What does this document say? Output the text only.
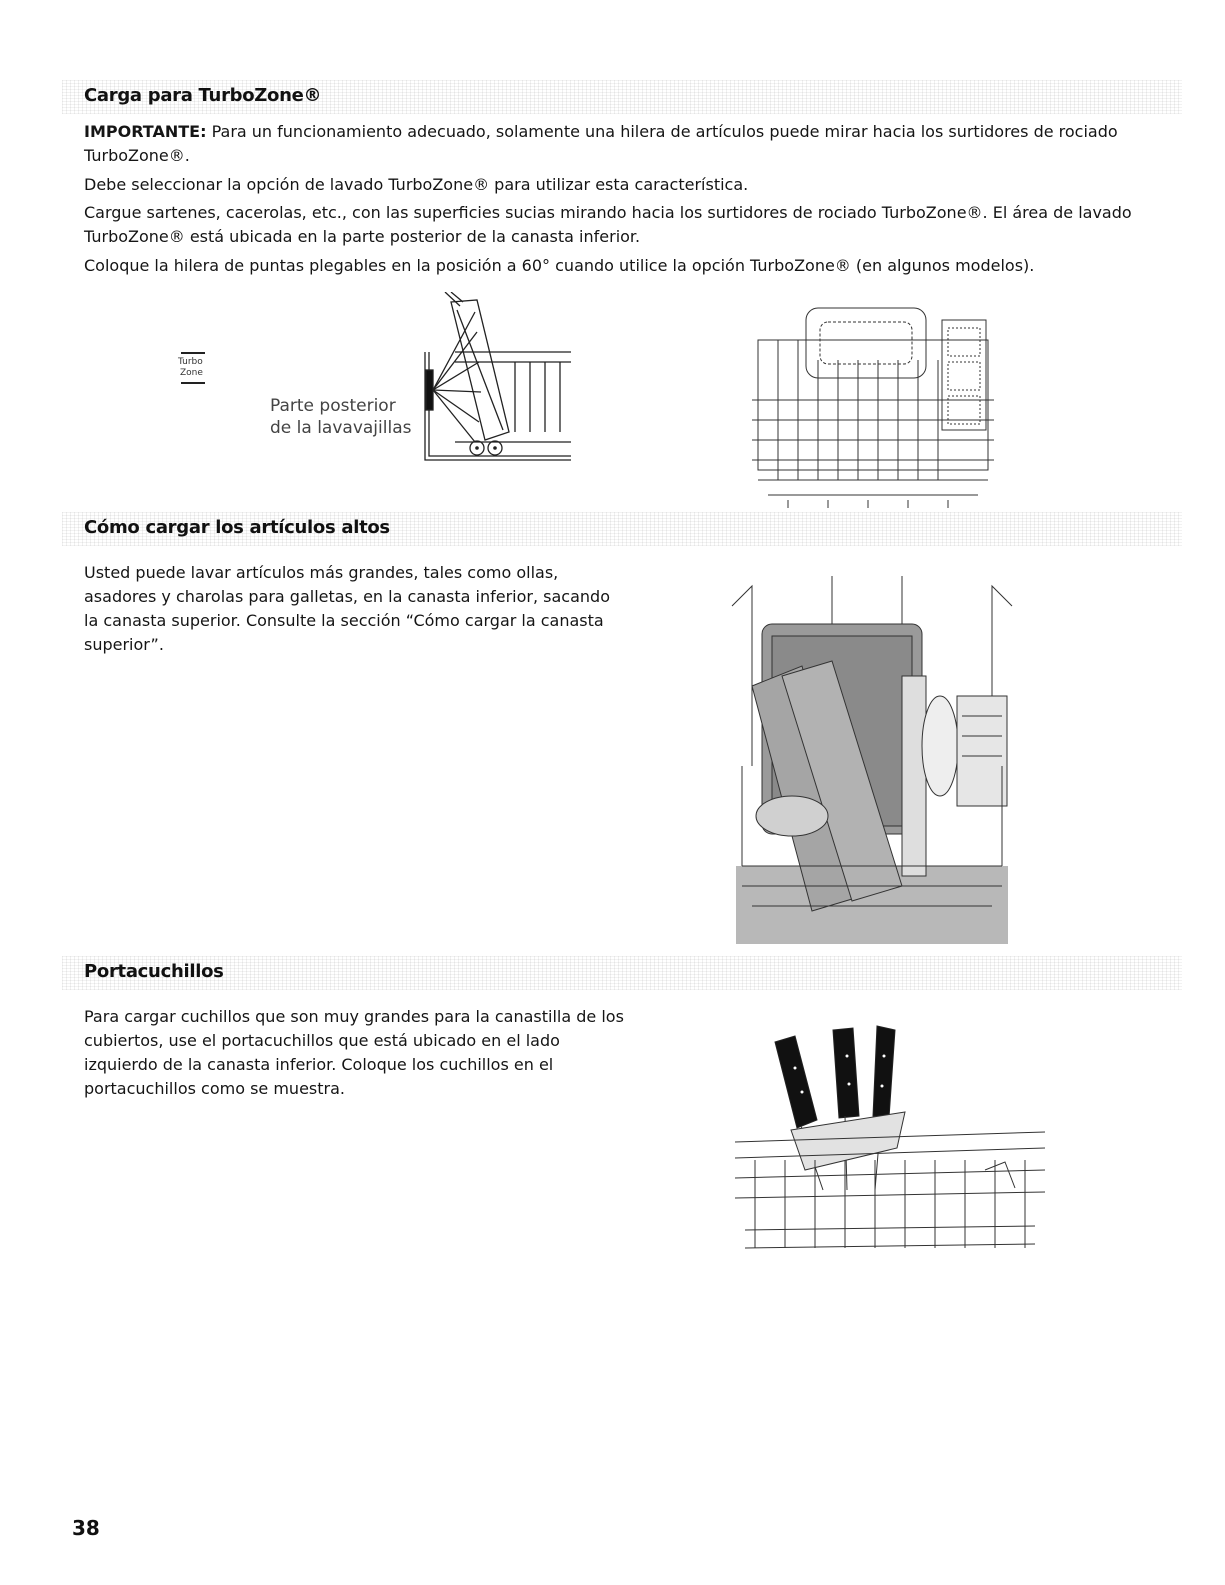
Carga para TurboZone®

IMPORTANTE: Para un funcionamiento adecuado, solamente una hilera de artículos puede mirar hacia los surtidores de rociado TurboZone®.

Debe seleccionar la opción de lavado TurboZone® para utilizar esta característica.

Cargue sartenes, cacerolas, etc., con las superficies sucias mirando hacia los surtidores de rociado TurboZone®. El área de lavado TurboZone® está ubicada en la parte posterior de la canasta inferior.

Coloque la hilera de puntas plegables en la posición a 60° cuando utilice la opción TurboZone® (en algunos modelos).

Turbo
Zone
Parte posterior
de la lavavajillas
Cómo cargar los artículos altos

Usted puede lavar artículos más grandes, tales como ollas, asadores y charolas para galletas, en la canasta inferior, sacando la canasta superior. Consulte la sección “Cómo cargar la canasta superior”.

Portacuchillos

Para cargar cuchillos que son muy grandes para la canastilla de los cubiertos, use el portacuchillos que está ubicado en el lado izquierdo de la canasta inferior. Coloque los cuchillos en el portacuchillos como se muestra.

38
